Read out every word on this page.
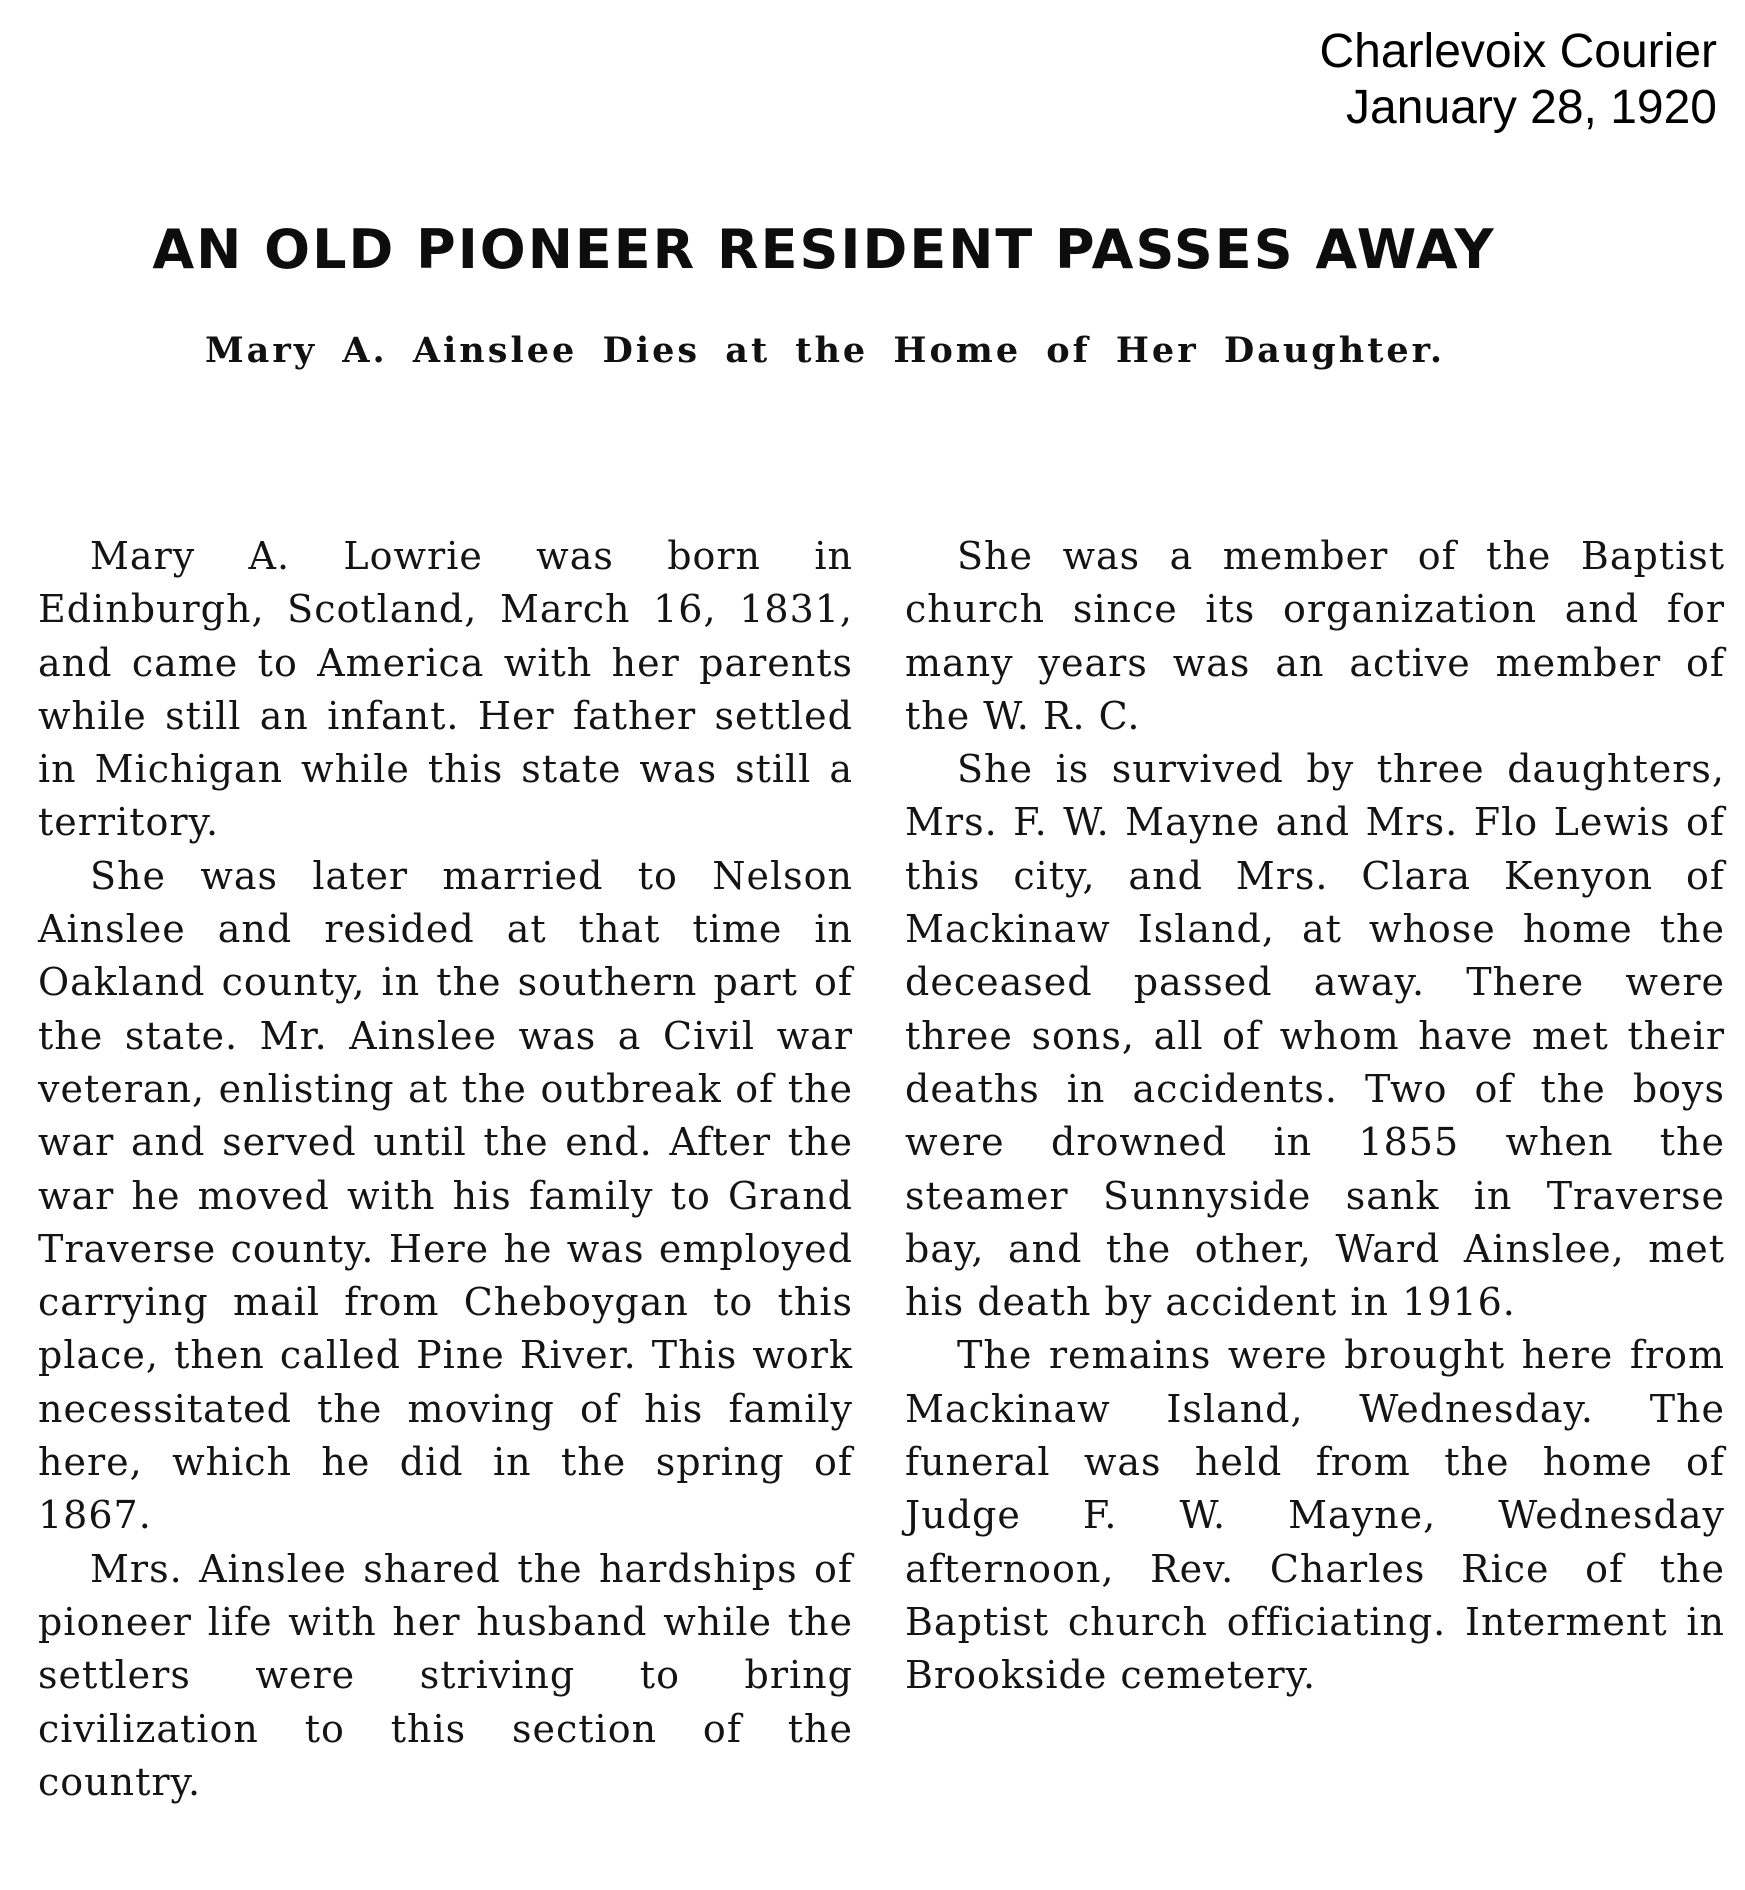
Charlevoix Courier
January 28, 1920
AN OLD PIONEER RESIDENT PASSES AWAY
Mary A. Ainslee Dies at the Home of Her Daughter.

Mary A. Lowrie was born in Edinburgh, Scotland, March 16, 1831, and came to America with her parents while still an infant. Her father settled in Michigan while this state was still a territory.

She was later married to Nelson Ainslee and resided at that time in Oakland county, in the southern part of the state. Mr. Ainslee was a Civil war veteran, enlisting at the outbreak of the war and served until the end. After the war he moved with his family to Grand Traverse county. Here he was employed carrying mail from Cheboygan to this place, then called Pine River. This work necessitated the moving of his family here, which he did in the spring of 1867.

Mrs. Ainslee shared the hardships of pioneer life with her husband while the settlers were striving to bring civilization to this section of the country.

She was a member of the Baptist church since its organization and for many years was an active member of the W. R. C.

She is survived by three daughters, Mrs. F. W. Mayne and Mrs. Flo Lewis of this city, and Mrs. Clara Kenyon of Mackinaw Island, at whose home the deceased passed away. There were three sons, all of whom have met their deaths in accidents. Two of the boys were drowned in 1855 when the steamer Sunnyside sank in Traverse bay, and the other, Ward Ainslee, met his death by accident in 1916.

The remains were brought here from Mackinaw Island, Wednesday. The funeral was held from the home of Judge F. W. Mayne, Wednesday afternoon, Rev. Charles Rice of the Baptist church officiating. Interment in Brookside cemetery.
